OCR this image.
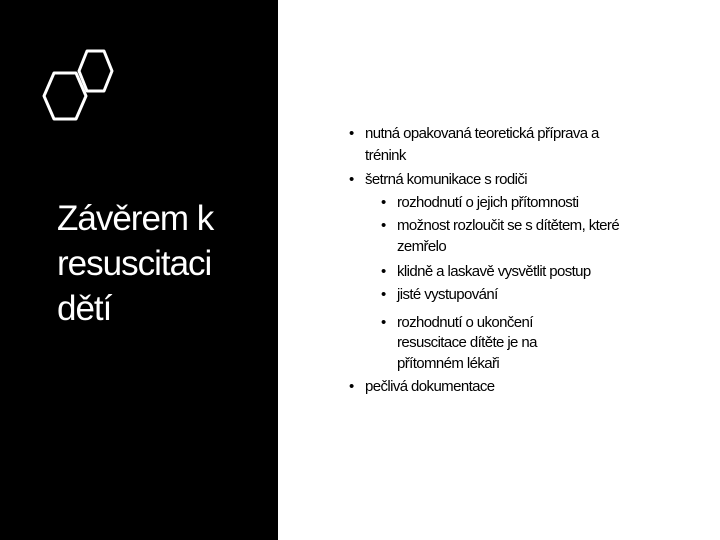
Závěrem k
resuscitaci
dětí
• nutná opakovaná teoretická příprava a
trénink
• šetrná komunikace s rodiči
• rozhodnutí o jejich přítomnosti
• možnost rozloučit se s dítětem, které
zemřelo
• klidně a laskavě vysvětlit postup
• jisté vystupování
• rozhodnutí o ukončení
resuscitace dítěte je na
přítomném lékaři
• pečlivá dokumentace
